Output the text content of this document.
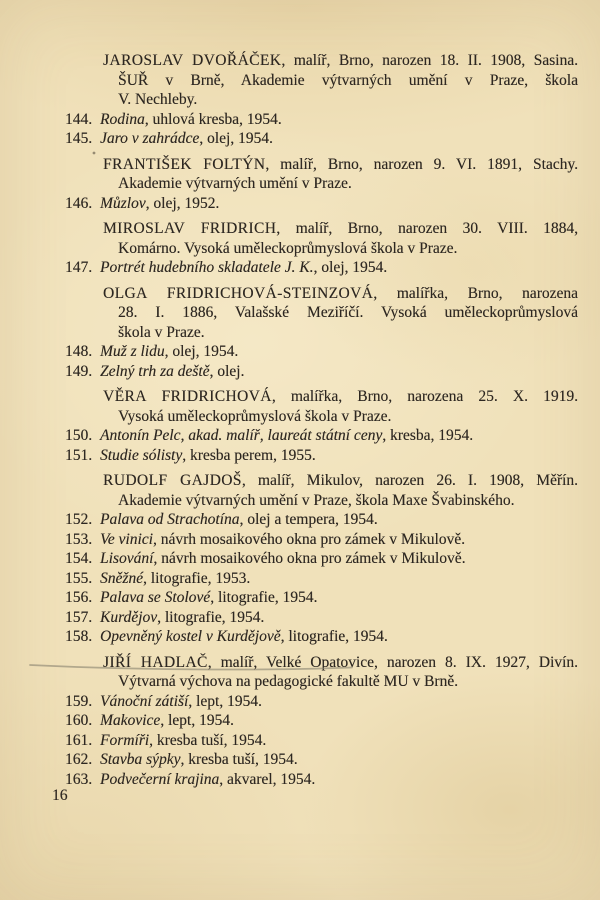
JAROSLAV DVOŘÁČEK, malíř, Brno, narozen 18. II. 1908, Sasina.
ŠUŘ v Brně, Akademie výtvarných umění v Praze, škola
V. Nechleby.
144. Rodina, uhlová kresba, 1954.
145. Jaro v zahrádce, olej, 1954.
FRANTIŠEK FOLTÝN, malíř, Brno, narozen 9. VI. 1891, Stachy.
Akademie výtvarných umění v Praze.
146. Můzlov, olej, 1952.
MIROSLAV FRIDRICH, malíř, Brno, narozen 30. VIII. 1884,
Komárno. Vysoká uměleckoprůmyslová škola v Praze.
147. Portrét hudebního skladatele J. K., olej, 1954.
OLGA FRIDRICHOVÁ-STEINZOVÁ, malířka, Brno, narozena
28. I. 1886, Valašské Meziříčí. Vysoká uměleckoprůmyslová
škola v Praze.
148. Muž z lidu, olej, 1954.
149. Zelný trh za deště, olej.
VĚRA FRIDRICHOVÁ, malířka, Brno, narozena 25. X. 1919.
Vysoká uměleckoprůmyslová škola v Praze.
150. Antonín Pelc, akad. malíř, laureát státní ceny, kresba, 1954.
151. Studie sólisty, kresba perem, 1955.
RUDOLF GAJDOŠ, malíř, Mikulov, narozen 26. I. 1908, Měřín.
Akademie výtvarných umění v Praze, škola Maxe Švabinského.
152. Palava od Strachotína, olej a tempera, 1954.
153. Ve vinici, návrh mosaikového okna pro zámek v Mikulově.
154. Lisování, návrh mosaikového okna pro zámek v Mikulově.
155. Sněžné, litografie, 1953.
156. Palava se Stolové, litografie, 1954.
157. Kurdějov, litografie, 1954.
158. Opevněný kostel v Kurdějově, litografie, 1954.
JIŘÍ HADLAČ, malíř, Velké Opatovice, narozen 8. IX. 1927, Divín.
Výtvarná výchova na pedagogické fakultě MU v Brně.
159. Vánoční zátiší, lept, 1954.
160. Makovice, lept, 1954.
161. Formíři, kresba tuší, 1954.
162. Stavba sýpky, kresba tuší, 1954.
163. Podvečerní krajina, akvarel, 1954.
16
